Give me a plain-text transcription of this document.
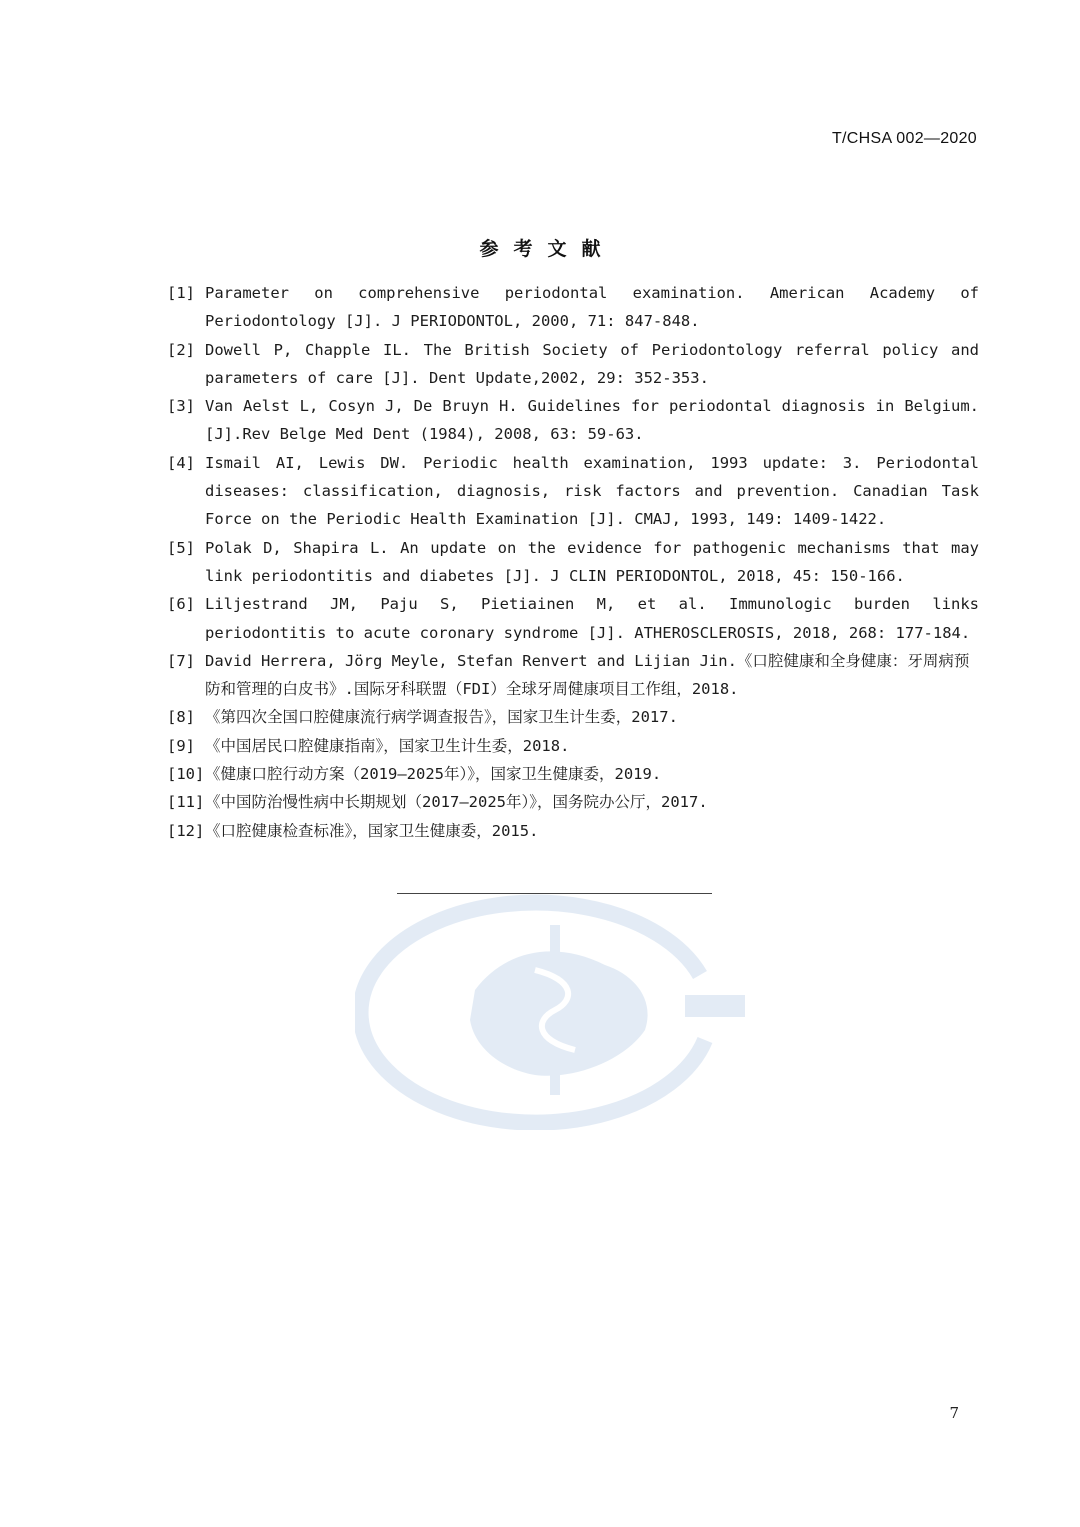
T/CHSA 002—2020
参考文献
[1] Parameter on comprehensive periodontal examination. American Academy of Periodontology [J]. J PERIODONTOL, 2000, 71: 847-848.
[2] Dowell P, Chapple IL. The British Society of Periodontology referral policy and parameters of care [J]. Dent Update,2002, 29: 352-353.
[3] Van Aelst L, Cosyn J, De Bruyn H. Guidelines for periodontal diagnosis in Belgium. [J].Rev Belge Med Dent (1984), 2008, 63: 59-63.
[4] Ismail AI, Lewis DW. Periodic health examination, 1993 update: 3. Periodontal diseases: classification, diagnosis, risk factors and prevention. Canadian Task Force on the Periodic Health Examination [J]. CMAJ, 1993, 149: 1409-1422.
[5] Polak D, Shapira L. An update on the evidence for pathogenic mechanisms that may link periodontitis and diabetes [J]. J CLIN PERIODONTOL, 2018, 45: 150-166.
[6] Liljestrand JM, Paju S, Pietiainen M, et al. Immunologic burden links periodontitis to acute coronary syndrome [J]. ATHEROSCLEROSIS, 2018, 268: 177-184.
[7] David Herrera, Jörg Meyle, Stefan Renvert and Lijian Jin.《口腔健康和全身健康：牙周病预防和管理的白皮书》.国际牙科联盟（FDI）全球牙周健康项目工作组，2018.
[8] 《第四次全国口腔健康流行病学调查报告》，国家卫生计生委，2017.
[9] 《中国居民口腔健康指南》，国家卫生计生委，2018.
[10] 《健康口腔行动方案（2019—2025年）》，国家卫生健康委，2019.
[11] 《中国防治慢性病中长期规划（2017—2025年）》，国务院办公厅，2017.
[12] 《口腔健康检查标准》，国家卫生健康委，2015.
7
